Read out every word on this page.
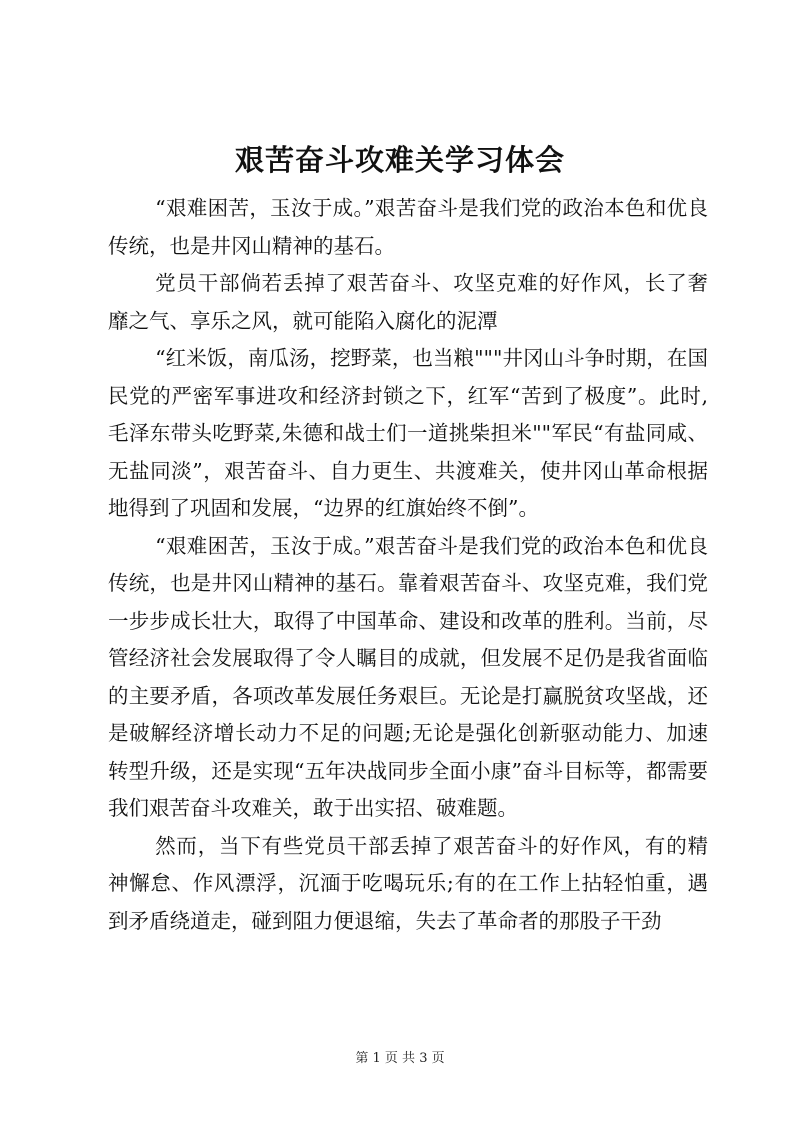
艰苦奋斗攻难关学习体会

“艰难困苦，玉汝于成。”艰苦奋斗是我们党的政治本色和优良传统，也是井冈山精神的基石。

党员干部倘若丢掉了艰苦奋斗、攻坚克难的好作风，长了奢靡之气、享乐之风，就可能陷入腐化的泥潭

“红米饭，南瓜汤，挖野菜，也当粮"""井冈山斗争时期，在国民党的严密军事进攻和经济封锁之下，红军“苦到了极度”。此时,毛泽东带头吃野菜,朱德和战士们一道挑柴担米""军民“有盐同咸、无盐同淡”，艰苦奋斗、自力更生、共渡难关，使井冈山革命根据地得到了巩固和发展，“边界的红旗始终不倒”。

“艰难困苦，玉汝于成。”艰苦奋斗是我们党的政治本色和优良传统，也是井冈山精神的基石。靠着艰苦奋斗、攻坚克难，我们党一步步成长壮大，取得了中国革命、建设和改革的胜利。当前，尽管经济社会发展取得了令人瞩目的成就，但发展不足仍是我省面临的主要矛盾，各项改革发展任务艰巨。无论是打赢脱贫攻坚战，还是破解经济增长动力不足的问题;无论是强化创新驱动能力、加速转型升级，还是实现“五年决战同步全面小康”奋斗目标等，都需要我们艰苦奋斗攻难关，敢于出实招、破难题。

然而，当下有些党员干部丢掉了艰苦奋斗的好作风，有的精神懈怠、作风漂浮，沉湎于吃喝玩乐;有的在工作上拈轻怕重，遇到矛盾绕道走，碰到阻力便退缩，失去了革命者的那股子干劲

第 1 页 共 3 页
